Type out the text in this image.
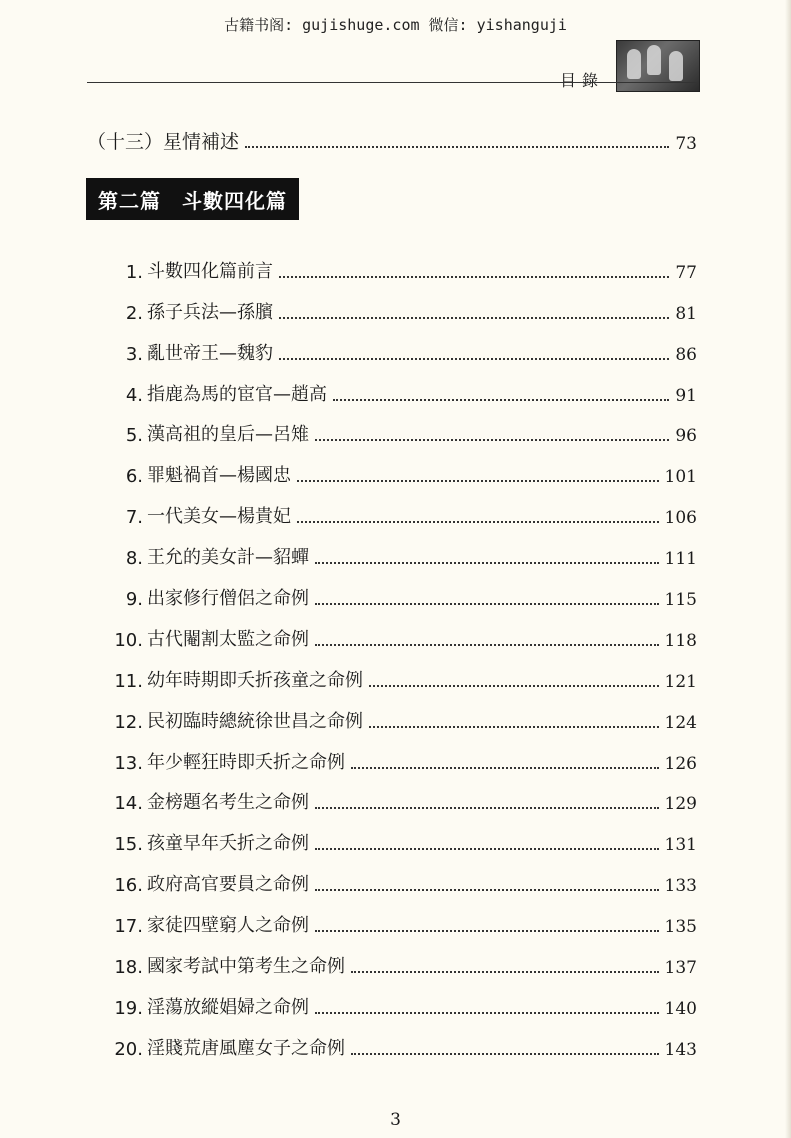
古籍书阁: gujishuge.com 微信: yishanguji
目錄
（十三）星情補述	73
第二篇　斗數四化篇
1. 斗數四化篇前言	77
2. 孫子兵法—孫臏	81
3. 亂世帝王—魏豹	86
4. 指鹿為馬的宦官—趙高	91
5. 漢高祖的皇后—呂雉	96
6. 罪魁禍首—楊國忠	101
7. 一代美女—楊貴妃	106
8. 王允的美女計—貂蟬	111
9. 出家修行僧侶之命例	115
10. 古代閹割太監之命例	118
11. 幼年時期即夭折孩童之命例	121
12. 民初臨時總統徐世昌之命例	124
13. 年少輕狂時即夭折之命例	126
14. 金榜題名考生之命例	129
15. 孩童早年夭折之命例	131
16. 政府高官要員之命例	133
17. 家徒四壁窮人之命例	135
18. 國家考試中第考生之命例	137
19. 淫蕩放縱娼婦之命例	140
20. 淫賤荒唐風塵女子之命例	143
3
